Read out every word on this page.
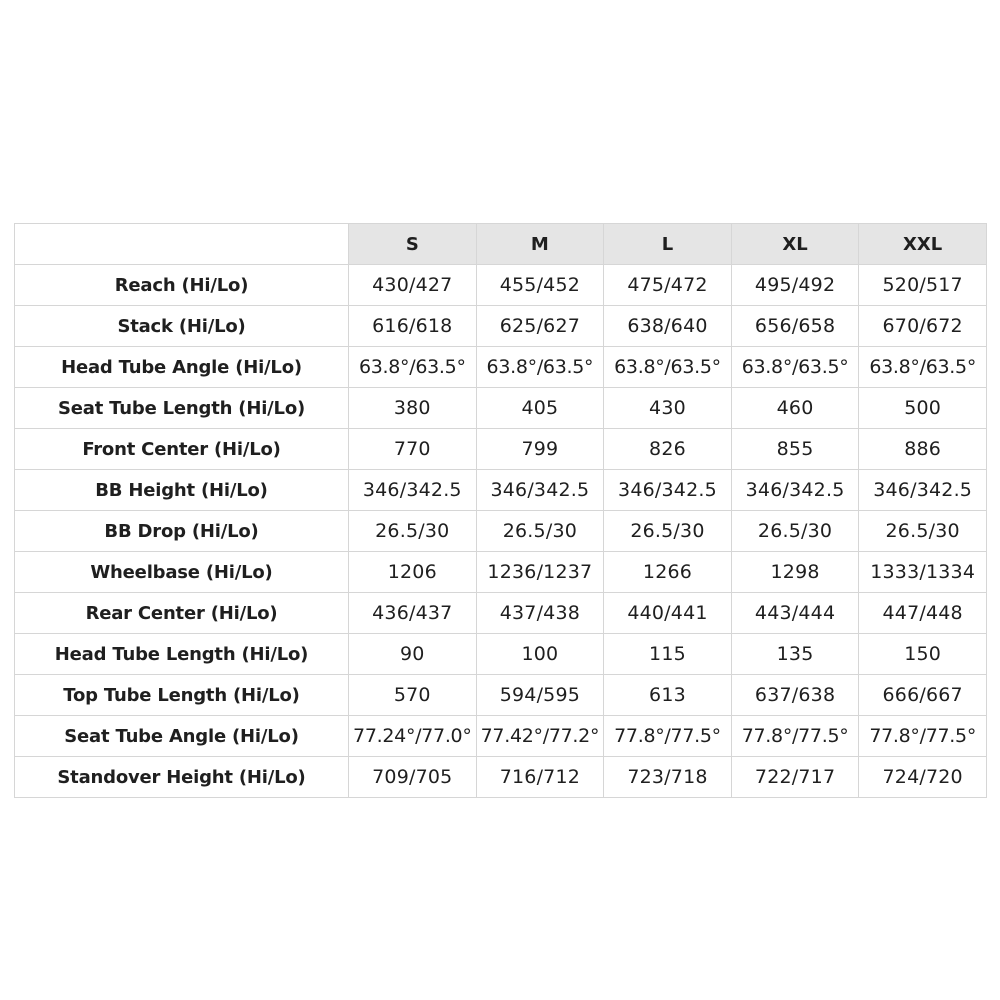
	S	M	L	XL	XXL
Reach (Hi/Lo)	430/427	455/452	475/472	495/492	520/517
Stack (Hi/Lo)	616/618	625/627	638/640	656/658	670/672
Head Tube Angle (Hi/Lo)	63.8°/63.5°	63.8°/63.5°	63.8°/63.5°	63.8°/63.5°	63.8°/63.5°
Seat Tube Length (Hi/Lo)	380	405	430	460	500
Front Center (Hi/Lo)	770	799	826	855	886
BB Height (Hi/Lo)	346/342.5	346/342.5	346/342.5	346/342.5	346/342.5
BB Drop (Hi/Lo)	26.5/30	26.5/30	26.5/30	26.5/30	26.5/30
Wheelbase (Hi/Lo)	1206	1236/1237	1266	1298	1333/1334
Rear Center (Hi/Lo)	436/437	437/438	440/441	443/444	447/448
Head Tube Length (Hi/Lo)	90	100	115	135	150
Top Tube Length (Hi/Lo)	570	594/595	613	637/638	666/667
Seat Tube Angle (Hi/Lo)	77.24°/77.0°	77.42°/77.2°	77.8°/77.5°	77.8°/77.5°	77.8°/77.5°
Standover Height (Hi/Lo)	709/705	716/712	723/718	722/717	724/720
